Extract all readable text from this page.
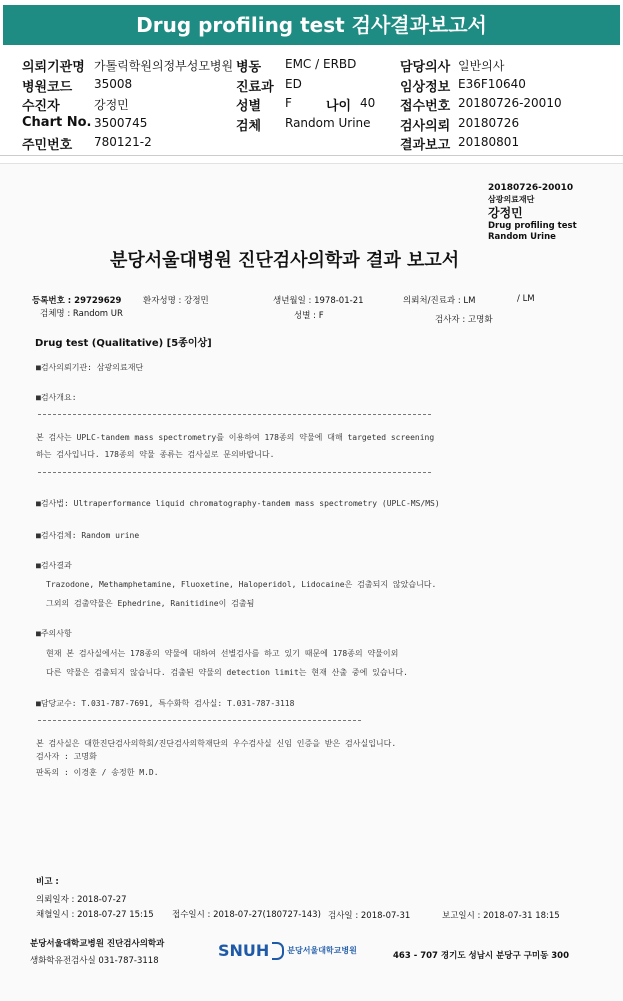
Drug profiling test 검사결과보고서
의뢰기관명 가톨릭학원의정부성모병원 병동 EMC / ERBD	담당의사 일반의사
병원코드 35008	진료과 ED	임상정보 E36F10640
수진자	강정민	성별 F	나이 40 접수번호 20180726-20010
Chart No. 3500745	검체 Random Urine 검사의뢰 20180726
주민번호 780121-2	결과보고 20180801
20180726-20010
삼광의료재단
강정민
Drug profiling test
Random Urine
분당서울대병원 진단검사의학과 결과 보고서
등록번호 : 29729629	환자성명 : 강정민	생년월일 : 1978-01-21	의뢰처/진료과 : LM	/ LM
검체명 : Random UR	성별 : F	검사자 : 고명화
Drug test (Qualitative) [5종이상]
■검사의뢰기관: 삼광의료재단
■검사개요:
본 검사는 UPLC-tandem mass spectrometry를 이용하여 178종의 약물에 대해 targeted screening
하는 검사입니다. 178종의 약물 종류는 검사실로 문의바랍니다.
■검사법: Ultraperformance liquid chromatography-tandem mass spectrometry (UPLC-MS/MS)
■검사검체: Random urine
■검사결과
Trazodone, Methamphetamine, Fluoxetine, Haloperidol, Lidocaine은 검출되지 않았습니다.
그외의 검출약물은 Ephedrine, Ranitidine이 검출됨
■주의사항
현재 본 검사실에서는 178종의 약물에 대하여 선별검사를 하고 있기 때문에 178종의 약물이외
다른 약물은 검출되지 않습니다. 검출된 약물의 detection limit는 현재 산출 중에 있습니다.
■담당교수: T.031-787-7691, 특수화학 검사실: T.031-787-3118
본 검사실은 대한진단검사의학회/진단검사의학재단의 우수검사실 신임 인증을 받은 검사실입니다.
검사자 : 고명화
판독의 : 이경훈 / 송정한 M.D.
비고 :
의뢰일자 : 2018-07-27
채혈일시 : 2018-07-27 15:15 접수일시 : 2018-07-27(180727-143) 검사일 : 2018-07-31	보고일시 : 2018-07-31 18:15
분당서울대학교병원 진단검사의학과
생화학유전검사실 031-787-3118
SNUH 분당서울대학교병원
463 - 707 경기도 성남시 분당구 구미동 300
